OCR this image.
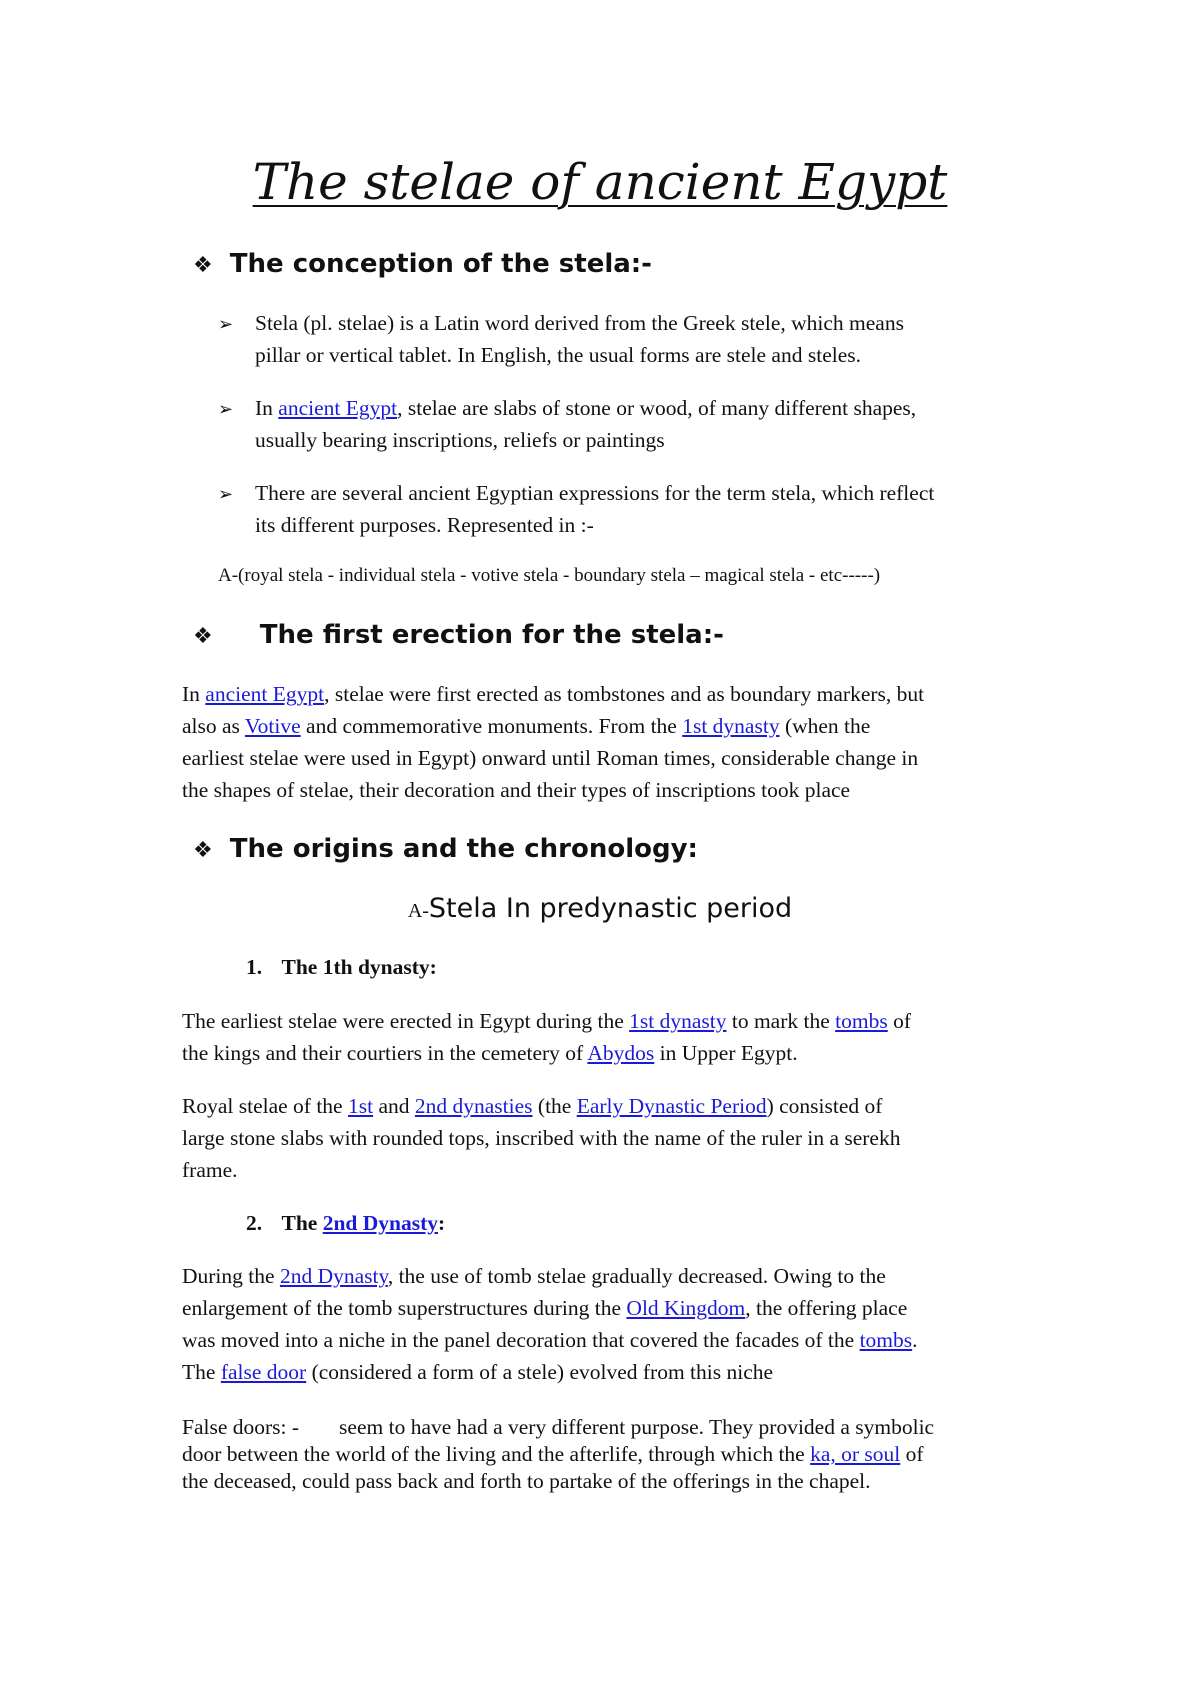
The stelae of ancient Egypt
❖ The conception of the stela:-
➢ Stela (pl. stelae) is a Latin word derived from the Greek stele, which means
pillar or vertical tablet. In English, the usual forms are stele and steles.
➢ In ancient Egypt, stelae are slabs of stone or wood, of many different shapes,
usually bearing inscriptions, reliefs or paintings
➢ There are several ancient Egyptian expressions for the term stela, which reflect
its different purposes. Represented in :-
A-(royal stela - individual stela - votive stela - boundary stela – magical stela - etc-----)
❖ The first erection for the stela:-
In ancient Egypt, stelae were first erected as tombstones and as boundary markers, but
also as Votive and commemorative monuments. From the 1st dynasty (when the
earliest stelae were used in Egypt) onward until Roman times, considerable change in
the shapes of stelae, their decoration and their types of inscriptions took place
❖ The origins and the chronology:
A-Stela In predynastic period
1. The 1th dynasty:
The earliest stelae were erected in Egypt during the 1st dynasty to mark the tombs of
the kings and their courtiers in the cemetery of Abydos in Upper Egypt.
Royal stelae of the 1st and 2nd dynasties (the Early Dynastic Period) consisted of
large stone slabs with rounded tops, inscribed with the name of the ruler in a serekh
frame.
2. The 2nd Dynasty:
During the 2nd Dynasty, the use of tomb stelae gradually decreased. Owing to the
enlargement of the tomb superstructures during the Old Kingdom, the offering place
was moved into a niche in the panel decoration that covered the facades of the tombs.
The false door (considered a form of a stele) evolved from this niche
False doors: - seem to have had a very different purpose. They provided a symbolic
door between the world of the living and the afterlife, through which the ka, or soul of
the deceased, could pass back and forth to partake of the offerings in the chapel.
